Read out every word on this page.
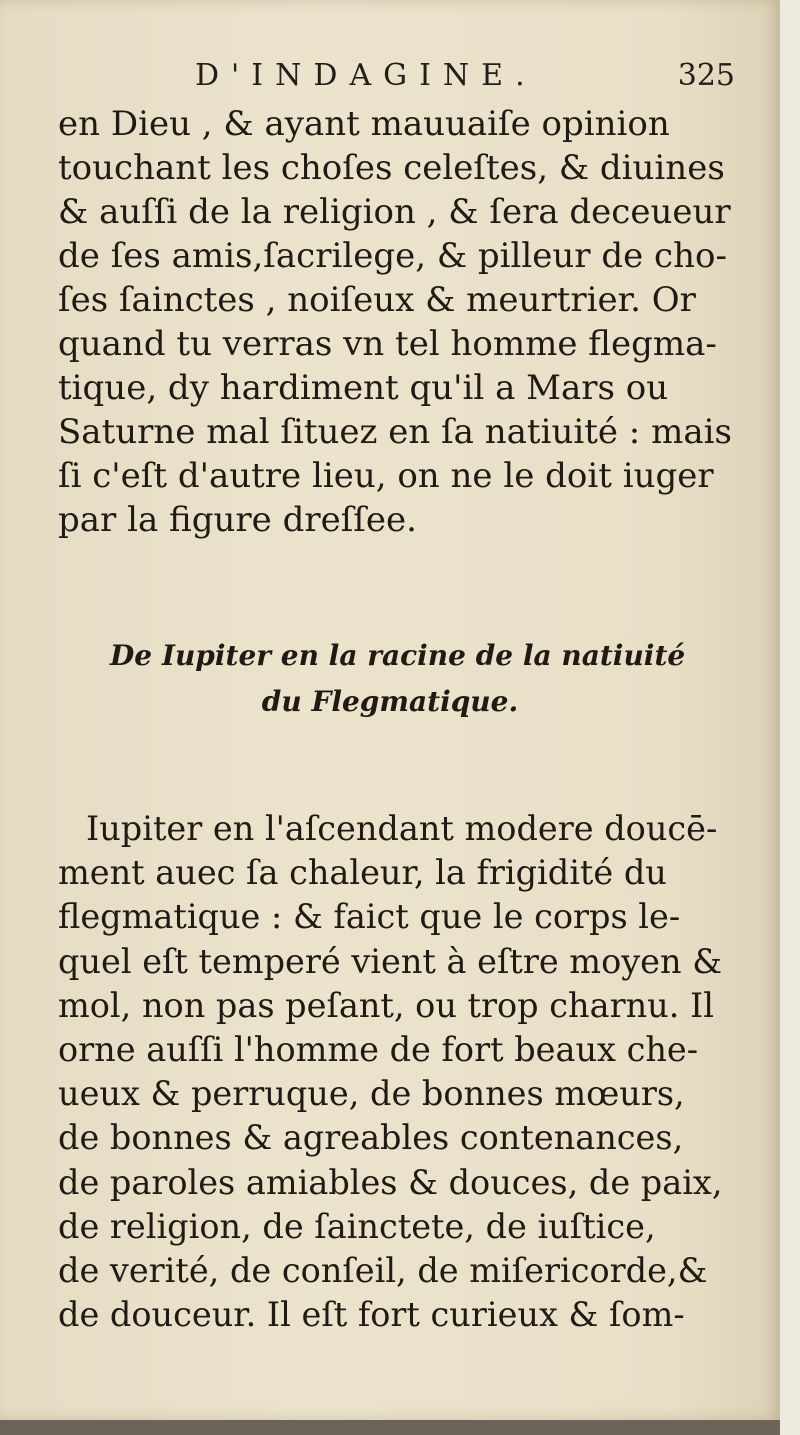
D'INDAGINE.	325
en Dieu , & ayant mauuaiſe opinion
touchant les choſes celeſtes, & diuines
& auſſi de la religion , & ſera deceueur
de ſes amis,ſacrilege, & pilleur de cho-
ſes ſainctes , noiſeux & meurtrier. Or
quand tu verras vn tel homme flegma-
tique, dy hardiment qu'il a Mars ou
Saturne mal ſituez en ſa natiuité : mais
ſi c'eſt d'autre lieu, on ne le doit iuger
par la figure dreſſee.
De Iupiter en la racine de la natiuité
du Flegmatique.
Iupiter en l'aſcendant modere doucē-
ment auec ſa chaleur, la frigidité du
flegmatique : & faict que le corps le-
quel eſt temperé vient à eſtre moyen &
mol, non pas peſant, ou trop charnu. Il
orne auſſi l'homme de fort beaux che-
ueux & perruque, de bonnes mœurs,
de bonnes & agreables contenances,
de paroles amiables & douces, de paix,
de religion, de ſainctete, de iuſtice,
de verité, de conſeil, de miſericorde,&
de douceur. Il eſt fort curieux & ſom-
